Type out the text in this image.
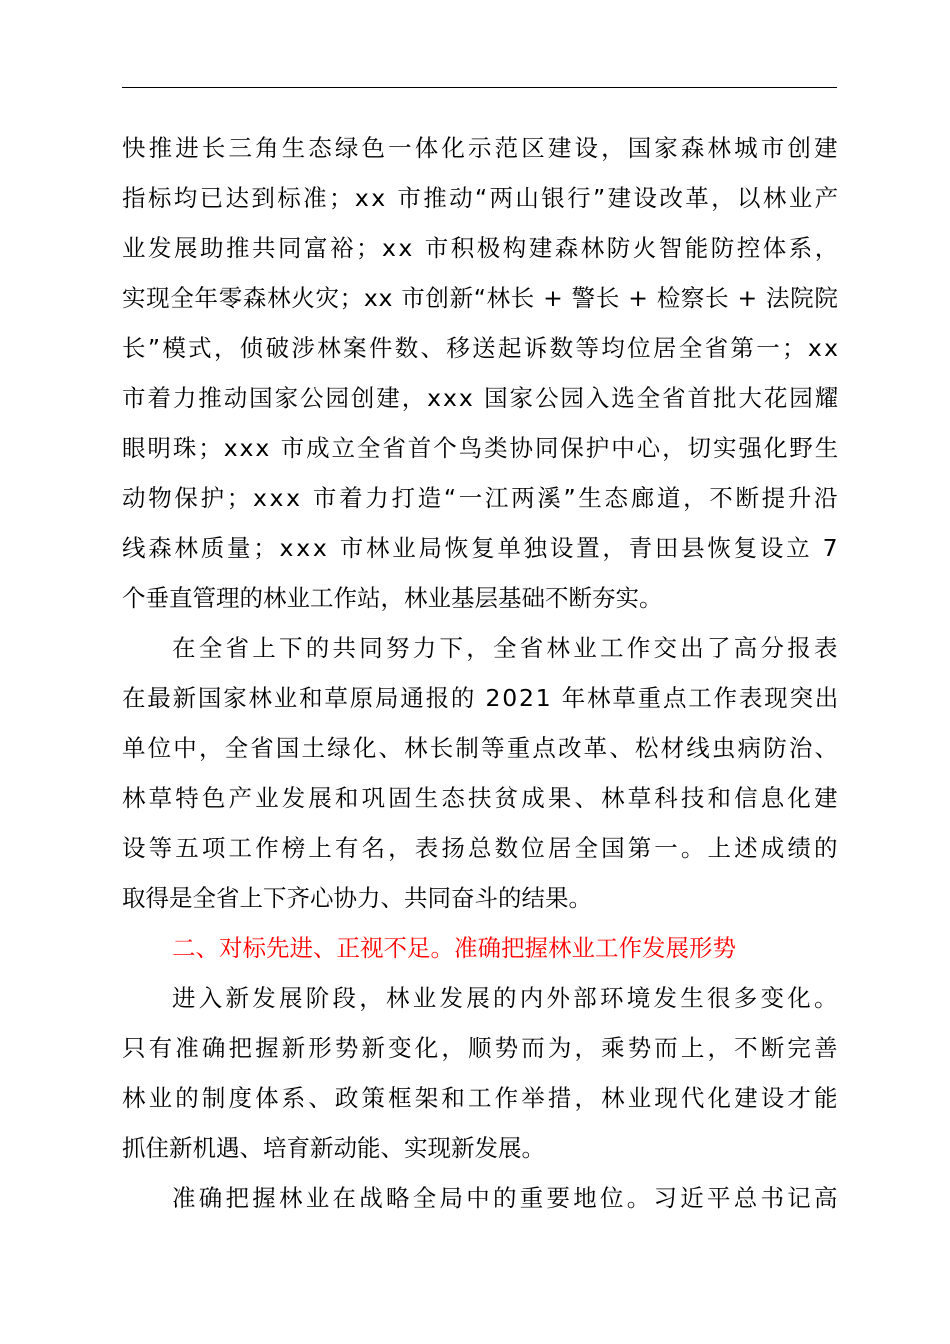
快推进长三角生态绿色一体化示范区建设，国家森林城市创建
指标均已达到标准；xx 市推动“两山银行”建设改革，以林业产
业发展助推共同富裕；xx 市积极构建森林防火智能防控体系，
实现全年零森林火灾；xx 市创新“林长 + 警长 + 检察长 + 法院院
长”模式，侦破涉林案件数、移送起诉数等均位居全省第一；xx
市着力推动国家公园创建，xxx 国家公园入选全省首批大花园耀
眼明珠；xxx 市成立全省首个鸟类协同保护中心，切实强化野生
动物保护；xxx 市着力打造“一江两溪”生态廊道，不断提升沿
线森林质量；xxx 市林业局恢复单独设置，青田县恢复设立 7
个垂直管理的林业工作站，林业基层基础不断夯实。
在全省上下的共同努力下，全省林业工作交出了高分报表
在最新国家林业和草原局通报的 2021 年林草重点工作表现突出
单位中，全省国土绿化、林长制等重点改革、松材线虫病防治、
林草特色产业发展和巩固生态扶贫成果、林草科技和信息化建
设等五项工作榜上有名，表扬总数位居全国第一。上述成绩的
取得是全省上下齐心协力、共同奋斗的结果。
二、对标先进、正视不足。准确把握林业工作发展形势
进入新发展阶段，林业发展的内外部环境发生很多变化。
只有准确把握新形势新变化，顺势而为，乘势而上，不断完善
林业的制度体系、政策框架和工作举措，林业现代化建设才能
抓住新机遇、培育新动能、实现新发展。
准确把握林业在战略全局中的重要地位。习近平总书记高
